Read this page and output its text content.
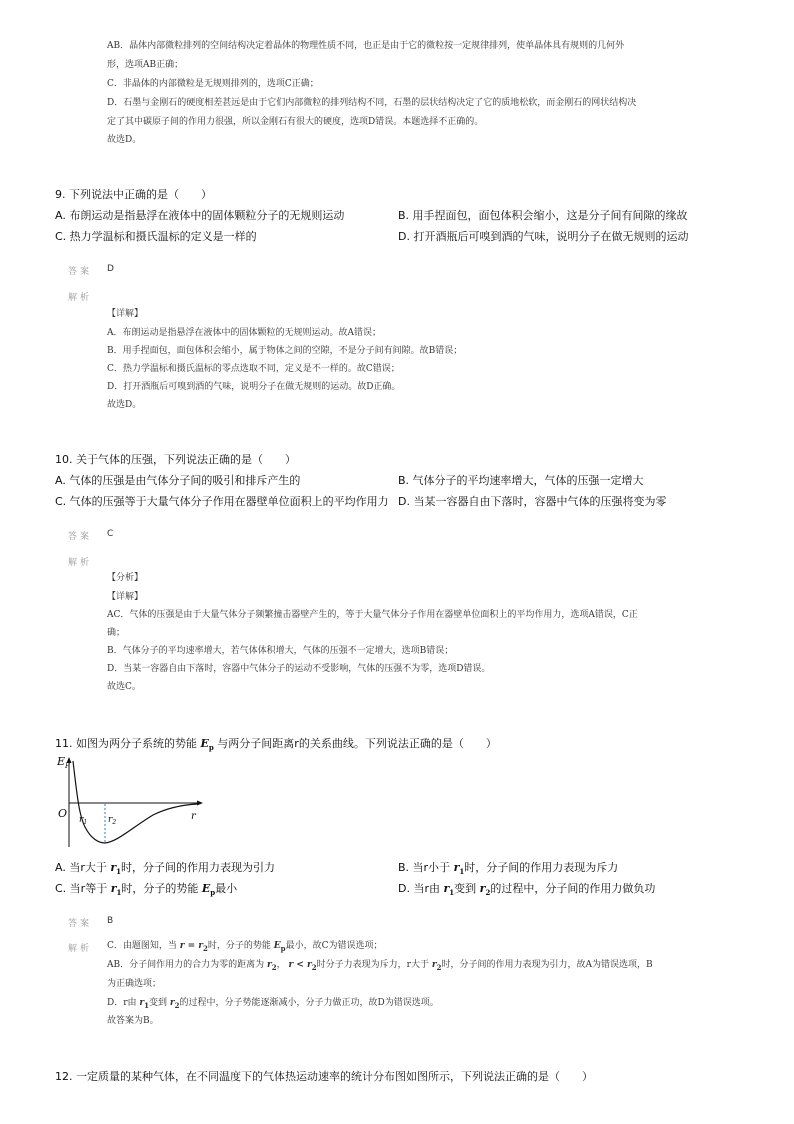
AB．晶体内部微粒排列的空间结构决定着晶体的物理性质不同，也正是由于它的微粒按一定规律排列，使单晶体具有规则的几何外
形，选项AB正确；
C．非晶体的内部微粒是无规则排列的，选项C正确；
D．石墨与金刚石的硬度相差甚远是由于它们内部微粒的排列结构不同，石墨的层状结构决定了它的质地松软，而金刚石的网状结构决
定了其中碳原子间的作用力很强，所以金刚石有很大的硬度，选项D错误。本题选择不正确的。
故选D。
9. 下列说法中正确的是（　　）
A. 布朗运动是指悬浮在液体中的固体颗粒分子的无规则运动	B. 用手捏面包，面包体积会缩小，这是分子间有间隙的缘故
C. 热力学温标和摄氏温标的定义是一样的	D. 打开酒瓶后可嗅到酒的气味，说明分子在做无规则的运动
答案 D
解析
【详解】
A．布朗运动是指悬浮在液体中的固体颗粒的无规则运动。故A错误；
B．用手捏面包，面包体积会缩小，属于物体之间的空隙，不是分子间有间隙。故B错误；
C．热力学温标和摄氏温标的零点选取不同，定义是不一样的。故C错误；
D．打开酒瓶后可嗅到酒的气味，说明分子在做无规则的运动。故D正确。
故选D。
10. 关于气体的压强，下列说法正确的是（　　）
A. 气体的压强是由气体分子间的吸引和排斥产生的	B. 气体分子的平均速率增大，气体的压强一定增大
C. 气体的压强等于大量气体分子作用在器壁单位面积上的平均作用力 D. 当某一容器自由下落时，容器中气体的压强将变为零
答案 C
解析
【分析】
【详解】
AC．气体的压强是由于大量气体分子频繁撞击器壁产生的，等于大量气体分子作用在器壁单位面积上的平均作用力，选项A错误，C正
确；
B．气体分子的平均速率增大，若气体体积增大，气体的压强不一定增大，选项B错误；
D．当某一容器自由下落时，容器中气体分子的运动不受影响，气体的压强不为零，选项D错误。
故选C。
11. 如图为两分子系统的势能 $E_p$ 与两分子间距离r的关系曲线。下列说法正确的是（　　）
$E_P$
O $r_1$ $r_2$
r
A. 当r大于 $r_1$时，分子间的作用力表现为引力	B. 当r小于 $r_1$时，分子间的作用力表现为斥力
C. 当r等于 $r_1$时，分子的势能 $E_p$最小	D. 当r由 $r_1$变到 $r_2$的过程中，分子间的作用力做负功
答案 B
解析 C．由题图知，当 $r = r_2$时，分子的势能 $E_p$最小，故C为错误选项；
AB．分子间作用力的合力为零的距离为 $r_2$， $r < r_2$时分子力表现为斥力，r大于 $r_2$时，分子间的作用力表现为引力，故A为错误选项，B
为正确选项；
D．r由 $r_1$变到 $r_2$的过程中，分子势能逐渐减小，分子力做正功，故D为错误选项。
故答案为B。
12. 一定质量的某种气体，在不同温度下的气体热运动速率的统计分布图如图所示，下列说法正确的是（　　）
